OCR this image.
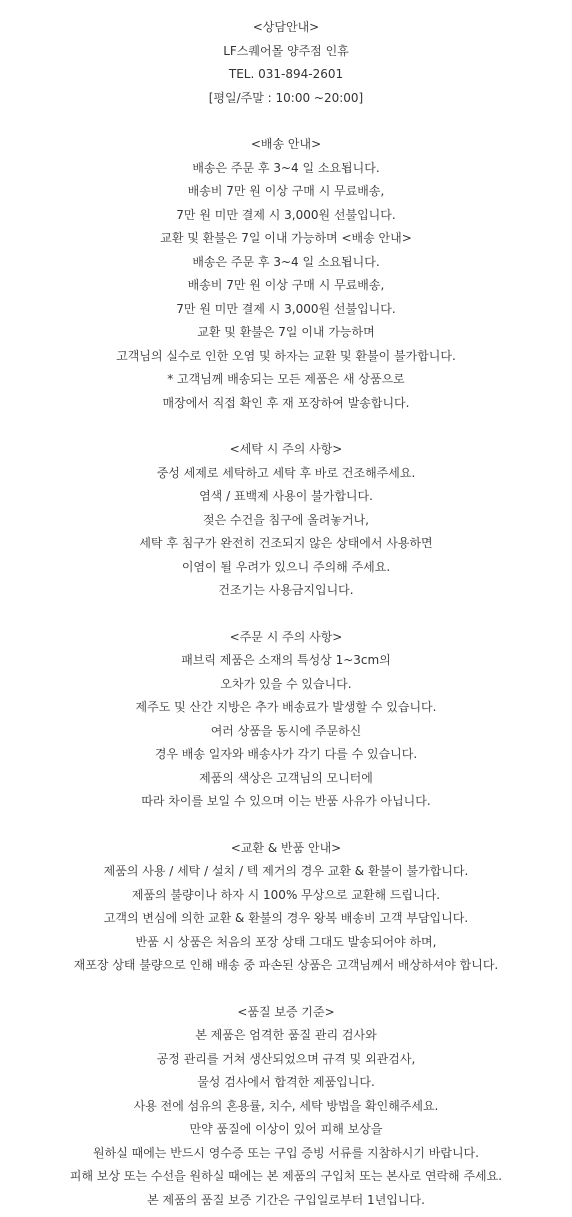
<상담안내>
LF스퀘어몰 양주점 인휴
TEL. 031-894-2601
[평일/주말 : 10:00 ~20:00]
<배송 안내>
배송은 주문 후 3~4 일 소요됩니다.
배송비 7만 원 이상 구매 시 무료배송,
7만 원 미만 결제 시 3,000원 선불입니다.
교환 및 환불은 7일 이내 가능하며 <배송 안내>
배송은 주문 후 3~4 일 소요됩니다.
배송비 7만 원 이상 구매 시 무료배송,
7만 원 미만 결제 시 3,000원 선불입니다.
교환 및 환불은 7일 이내 가능하며
고객님의 실수로 인한 오염 및 하자는 교환 및 환불이 불가합니다.
* 고객님께 배송되는 모든 제품은 새 상품으로
매장에서 직접 확인 후 재 포장하여 발송합니다.
<세탁 시 주의 사항>
중성 세제로 세탁하고 세탁 후 바로 건조해주세요.
염색 / 표백제 사용이 불가합니다.
젖은 수건을 침구에 올려놓거나,
세탁 후 침구가 완전히 건조되지 않은 상태에서 사용하면
이염이 될 우려가 있으니 주의해 주세요.
건조기는 사용금지입니다.
<주문 시 주의 사항>
패브릭 제품은 소재의 특성상 1~3cm의
오차가 있을 수 있습니다.
제주도 및 산간 지방은 추가 배송료가 발생할 수 있습니다.
여러 상품을 동시에 주문하신
경우 배송 일자와 배송사가 각기 다를 수 있습니다.
제품의 색상은 고객님의 모니터에
따라 차이를 보일 수 있으며 이는 반품 사유가 아닙니다.
<교환 & 반품 안내>
제품의 사용 / 세탁 / 설치 / 텍 제거의 경우 교환 & 환불이 불가합니다.
제품의 불량이나 하자 시 100% 무상으로 교환해 드립니다.
고객의 변심에 의한 교환 & 환불의 경우 왕복 배송비 고객 부담입니다.
반품 시 상품은 처음의 포장 상태 그대도 발송되어야 하며,
재포장 상태 불량으로 인해 배송 중 파손된 상품은 고객님께서 배상하셔야 합니다.
<품질 보증 기준>
본 제품은 엄격한 품질 관리 검사와
공정 관리를 거쳐 생산되었으며 규격 및 외관검사,
물성 검사에서 합격한 제품입니다.
사용 전에 섬유의 혼용률, 치수, 세탁 방법을 확인해주세요.
만약 품질에 이상이 있어 피해 보상을
원하실 때에는 반드시 영수증 또는 구입 증빙 서류를 지참하시기 바랍니다.
피해 보상 또는 수선을 원하실 때에는 본 제품의 구입처 또는 본사로 연락해 주세요.
본 제품의 품질 보증 기간은 구입일로부터 1년입니다.
